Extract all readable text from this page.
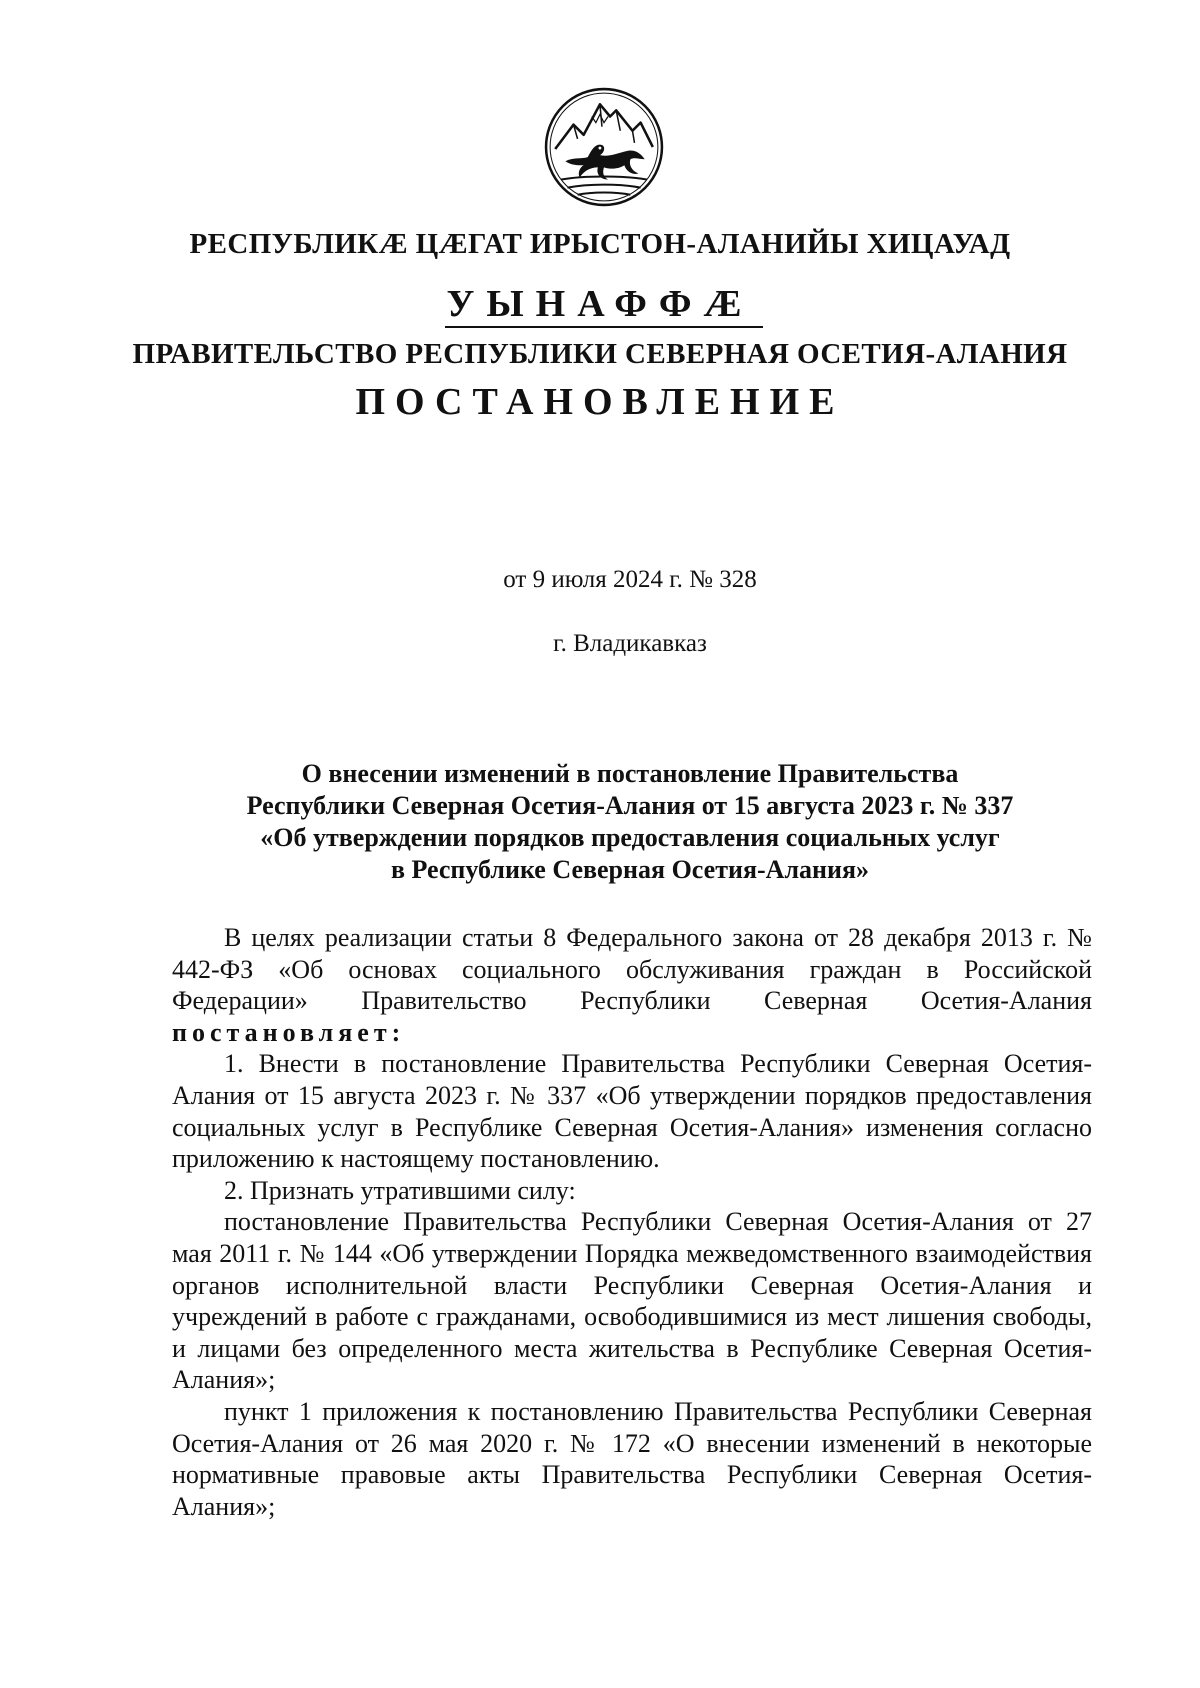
РЕСПУБЛИКӔ ЦӔГАТ ИРЫСТОН-АЛАНИЙЫ ХИЦАУАД
УЫНАФФӔ
ПРАВИТЕЛЬСТВО РЕСПУБЛИКИ СЕВЕРНАЯ ОСЕТИЯ-АЛАНИЯ
ПОСТАНОВЛЕНИЕ
от 9 июля 2024 г. № 328
г. Владикавказ
О внесении изменений в постановление Правительства
Республики Северная Осетия-Алания от 15 августа 2023 г. № 337
«Об утверждении порядков предоставления социальных услуг
в Республике Северная Осетия-Алания»

В целях реализации статьи 8 Федерального закона от 28 декабря 2013 г. № 442-ФЗ «Об основах социального обслуживания граждан в Российской Федерации» Правительство Республики Северная Осетия-Алания постановляет:

1. Внести в постановление Правительства Республики Северная Осетия-Алания от 15 августа 2023 г. № 337 «Об утверждении порядков предоставления социальных услуг в Республике Северная Осетия-Алания» изменения согласно приложению к настоящему постановлению.

2. Признать утратившими силу:

постановление Правительства Республики Северная Осетия-Алания от 27 мая 2011 г. № 144 «Об утверждении Порядка межведомственного взаимодействия органов исполнительной власти Республики Северная Осетия-Алания и учреждений в работе с гражданами, освободившимися из мест лишения свободы, и лицами без определенного места жительства в Республике Северная Осетия-Алания»;

пункт 1 приложения к постановлению Правительства Республики Северная Осетия-Алания от 26 мая 2020 г. № 172 «О внесении изменений в некоторые нормативные правовые акты Правительства Республики Северная Осетия-Алания»;
